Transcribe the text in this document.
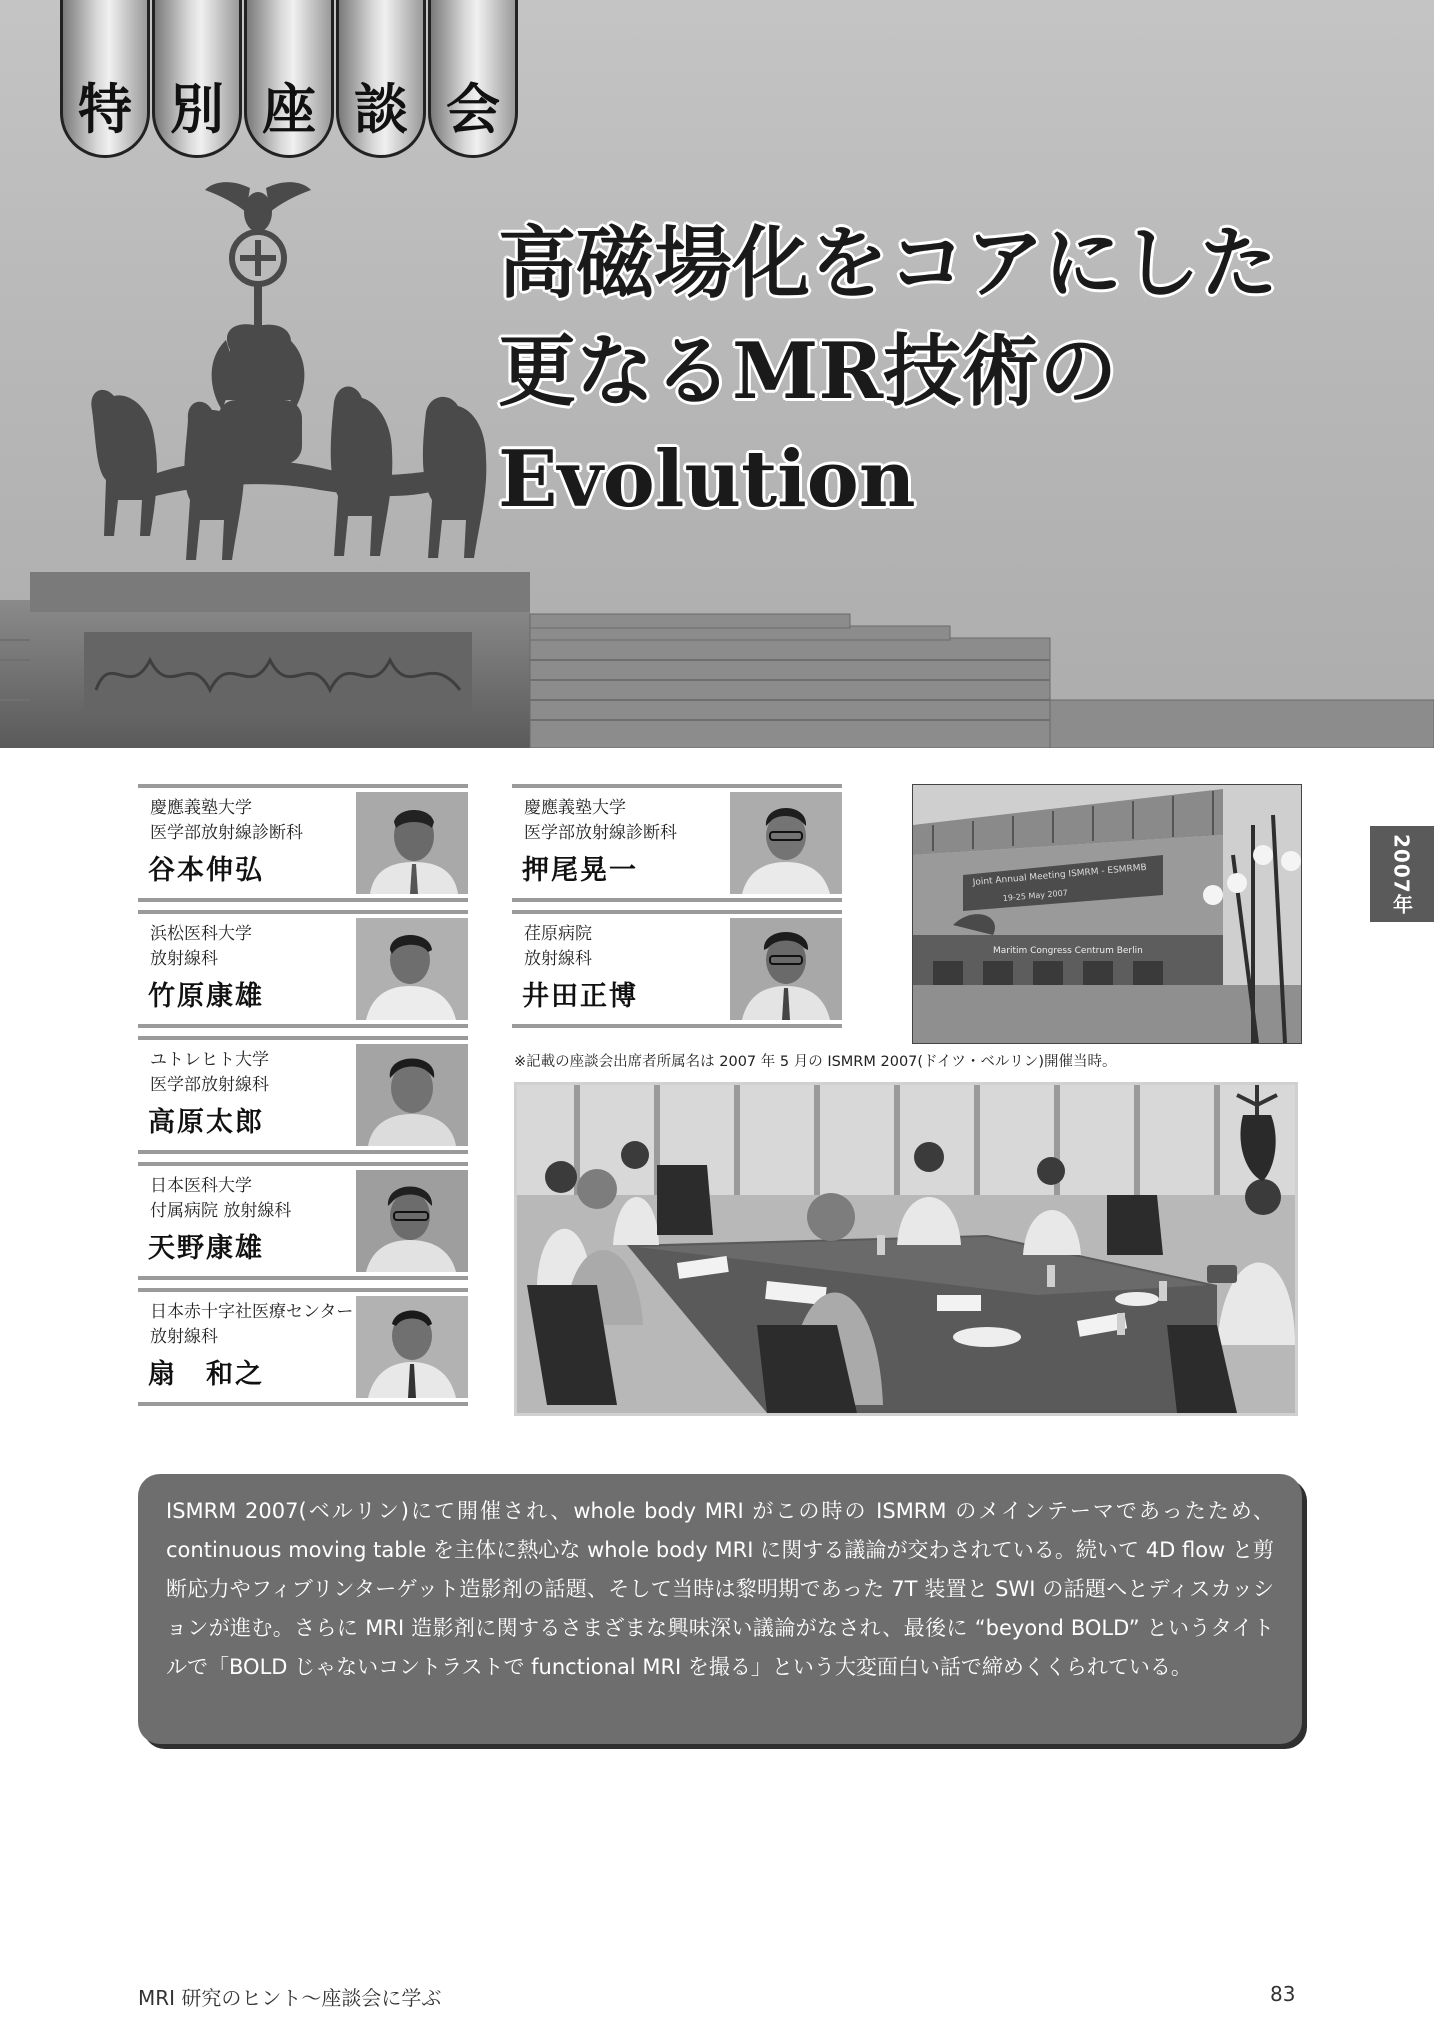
特 別 座 談 会
高磁場化をコアにした
更なるMR技術の
Evolution
慶應義塾大学
医学部放射線診断科
谷本伸弘
浜松医科大学
放射線科
竹原康雄
ユトレヒト大学
医学部放射線科
高原太郎
日本医科大学
付属病院 放射線科
天野康雄
日本赤十字社医療センター
放射線科
扇　和之
慶應義塾大学
医学部放射線診断科
押尾晃一
荏原病院
放射線科
井田正博
Joint Annual Meeting ISMRM - ESMRMB
19-25 May 2007
Maritim Congress Centrum Berlin
※記載の座談会出席者所属名は 2007 年 5 月の ISMRM 2007(ドイツ・ベルリン)開催当時。
2007年

ISMRM 2007(ベルリン)にて開催され、whole body MRI がこの時の ISMRM のメインテーマであったため、continuous moving table を主体に熱心な whole body MRI に関する議論が交わされている。続いて 4D flow と剪断応力やフィブリンターゲット造影剤の話題、そして当時は黎明期であった 7T 装置と SWI の話題へとディスカッションが進む。さらに MRI 造影剤に関するさまざまな興味深い議論がなされ、最後に “beyond BOLD” というタイトルで「BOLD じゃないコントラストで functional MRI を撮る」という大変面白い話で締めくくられている。

MRI 研究のヒント～座談会に学ぶ	83
